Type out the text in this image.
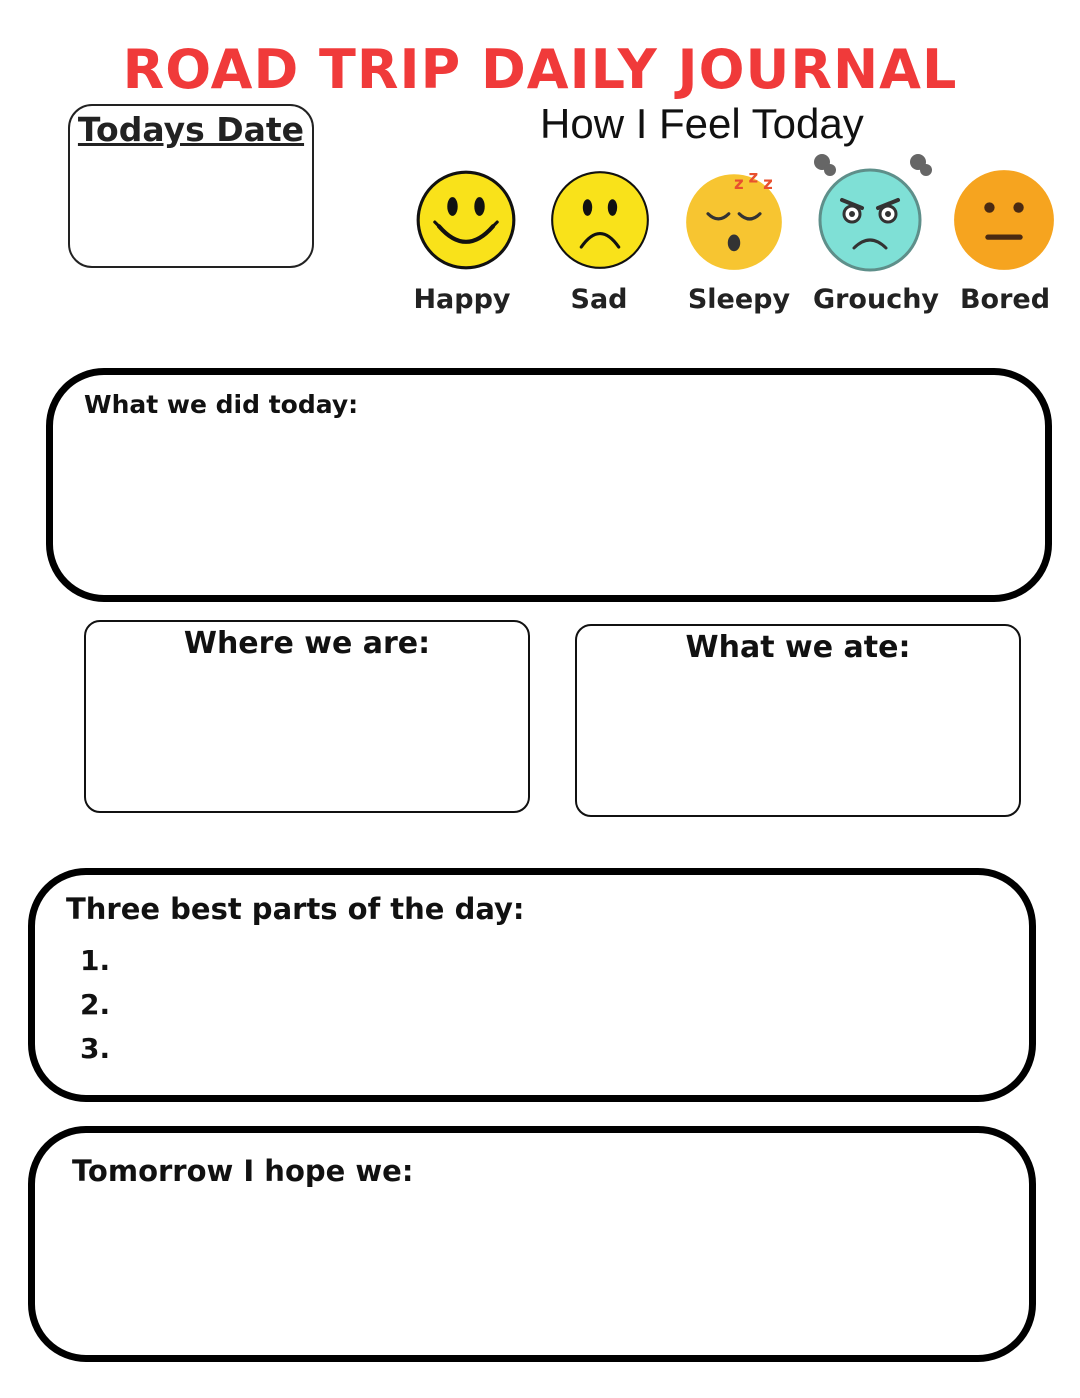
ROAD TRIP DAILY JOURNAL
Todays Date	How I Feel Today
z z z
Happy	Sad	Sleepy Grouchy Bored
What we did today:
Where we are:	What we ate:
Three best parts of the day:
1.
2.
3.
Tomorrow I hope we:
